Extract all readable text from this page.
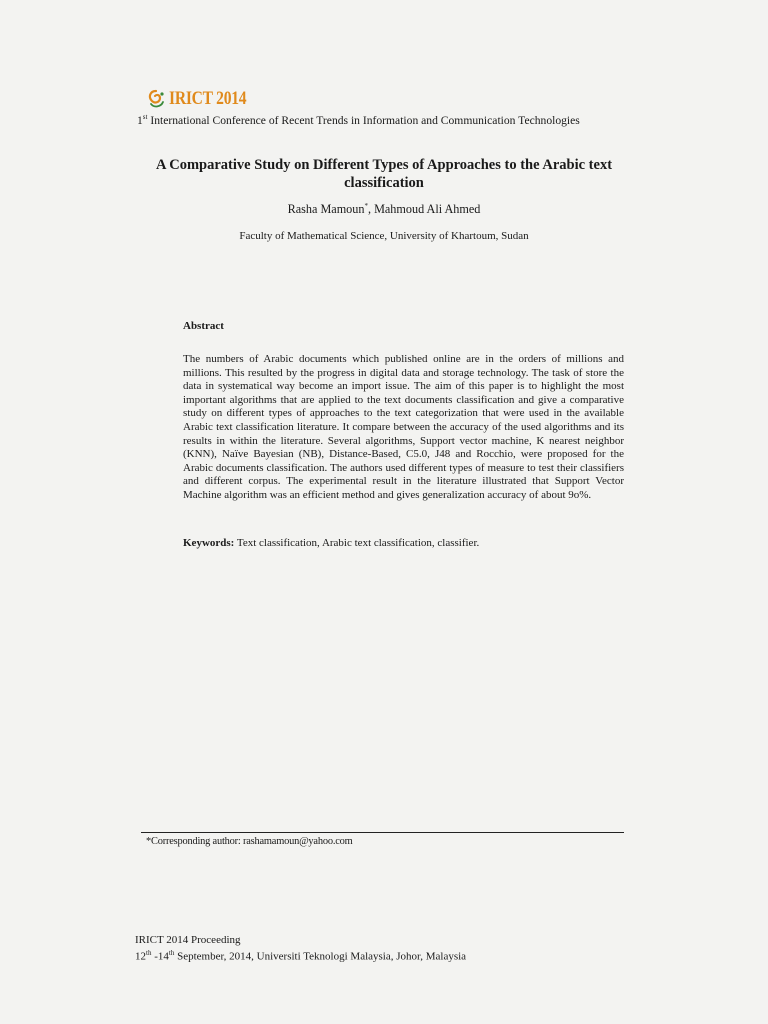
IRICT 2014
1st International Conference of Recent Trends in Information and Communication Technologies
A Comparative Study on Different Types of Approaches to the Arabic text classification
Rasha Mamoun*, Mahmoud Ali Ahmed
Faculty of Mathematical Science, University of Khartoum, Sudan
Abstract
The numbers of Arabic documents which published online are in the orders of millions and millions. This resulted by the progress in digital data and storage technology. The task of store the data in systematical way become an import issue. The aim of this paper is to highlight the most important algorithms that are applied to the text documents classification and give a comparative study on different types of approaches to the text categorization that were used in the available Arabic text classification literature. It compare between the accuracy of the used algorithms and its results in within the literature. Several algorithms, Support vector machine, K nearest neighbor (KNN), Naïve Bayesian (NB), Distance-Based, C5.0, J48 and Rocchio, were proposed for the Arabic documents classification. The authors used different types of measure to test their classifiers and different corpus. The experimental result in the literature illustrated that Support Vector Machine algorithm was an efficient method and gives generalization accuracy of about 9o%.
Keywords: Text classification, Arabic text classification, classifier.
*Corresponding author: rashamamoun@yahoo.com
IRICT 2014 Proceeding
12th -14th September, 2014, Universiti Teknologi Malaysia, Johor, Malaysia
